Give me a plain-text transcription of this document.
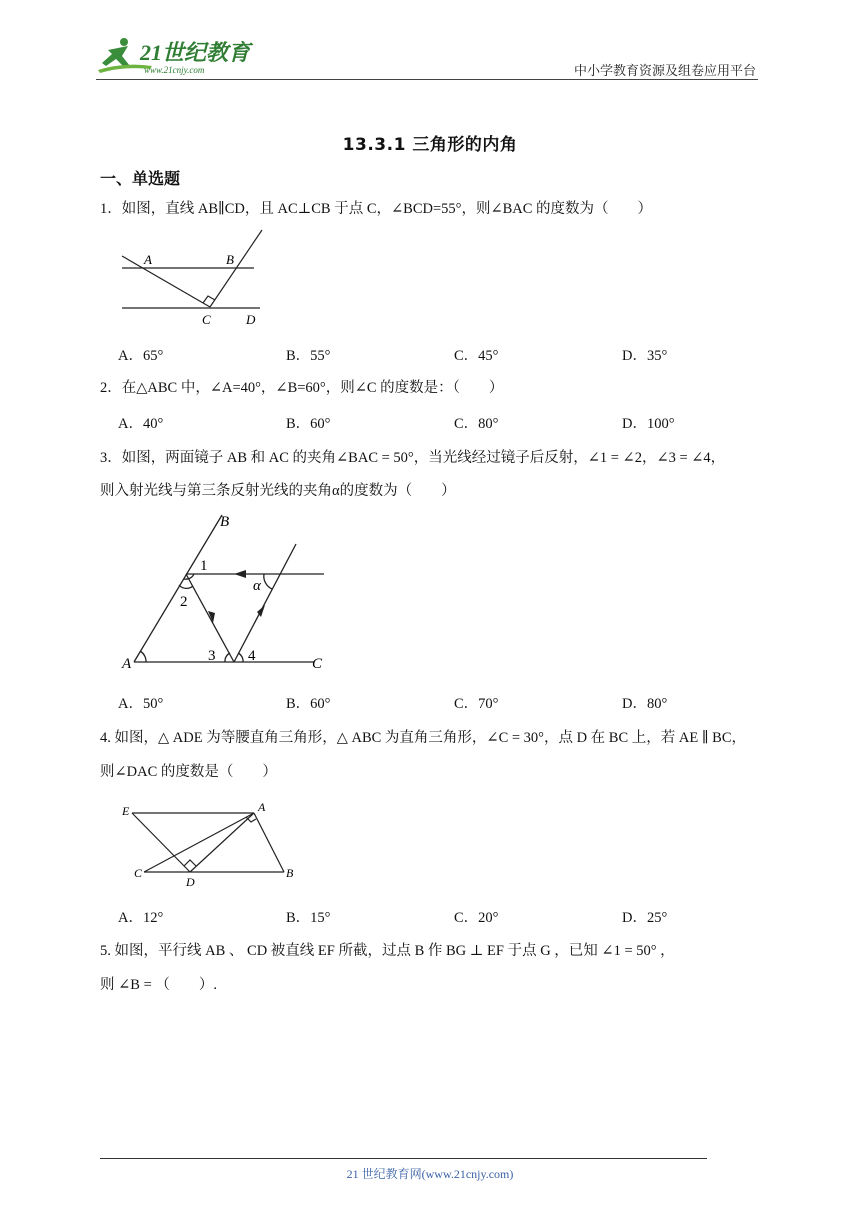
21世纪教育
www.21cnjy.com	中小学教育资源及组卷应用平台
13.3.1 三角形的内角
一、单选题
1．如图，直线 AB∥CD，且 AC⊥CB 于点 C，∠BCD=55°，则∠BAC 的度数为（　　）
A	B
C	D
A．65°	B．55°	C．45°	D．35°
2．在△ABC 中，∠A=40°，∠B=60°，则∠C 的度数是：（　　）
A．40°	B．60°	C．80°	D．100°
3．如图，两面镜子 AB 和 AC 的夹角∠BAC = 50°，当光线经过镜子后反射，∠1 = ∠2，∠3 = ∠4，
则入射光线与第三条反射光线的夹角α的度数为（　　）
B
1
α
2
A	3 4	C
A．50°	B．60°	C．70°	D．80°
4. 如图，△ ADE 为等腰直角三角形，△ ABC 为直角三角形，∠C = 30°，点 D 在 BC 上，若 AE ∥ BC，
则∠DAC 的度数是（　　）
E	A
C
D
B
A．12°	B．15°	C．20°	D．25°
5. 如图，平行线 AB 、 CD 被直线 EF 所截，过点 B 作 BG ⊥ EF 于点 G ，已知 ∠1 = 50° ，
则 ∠B = （　　）.
21 世纪教育网(www.21cnjy.com)
